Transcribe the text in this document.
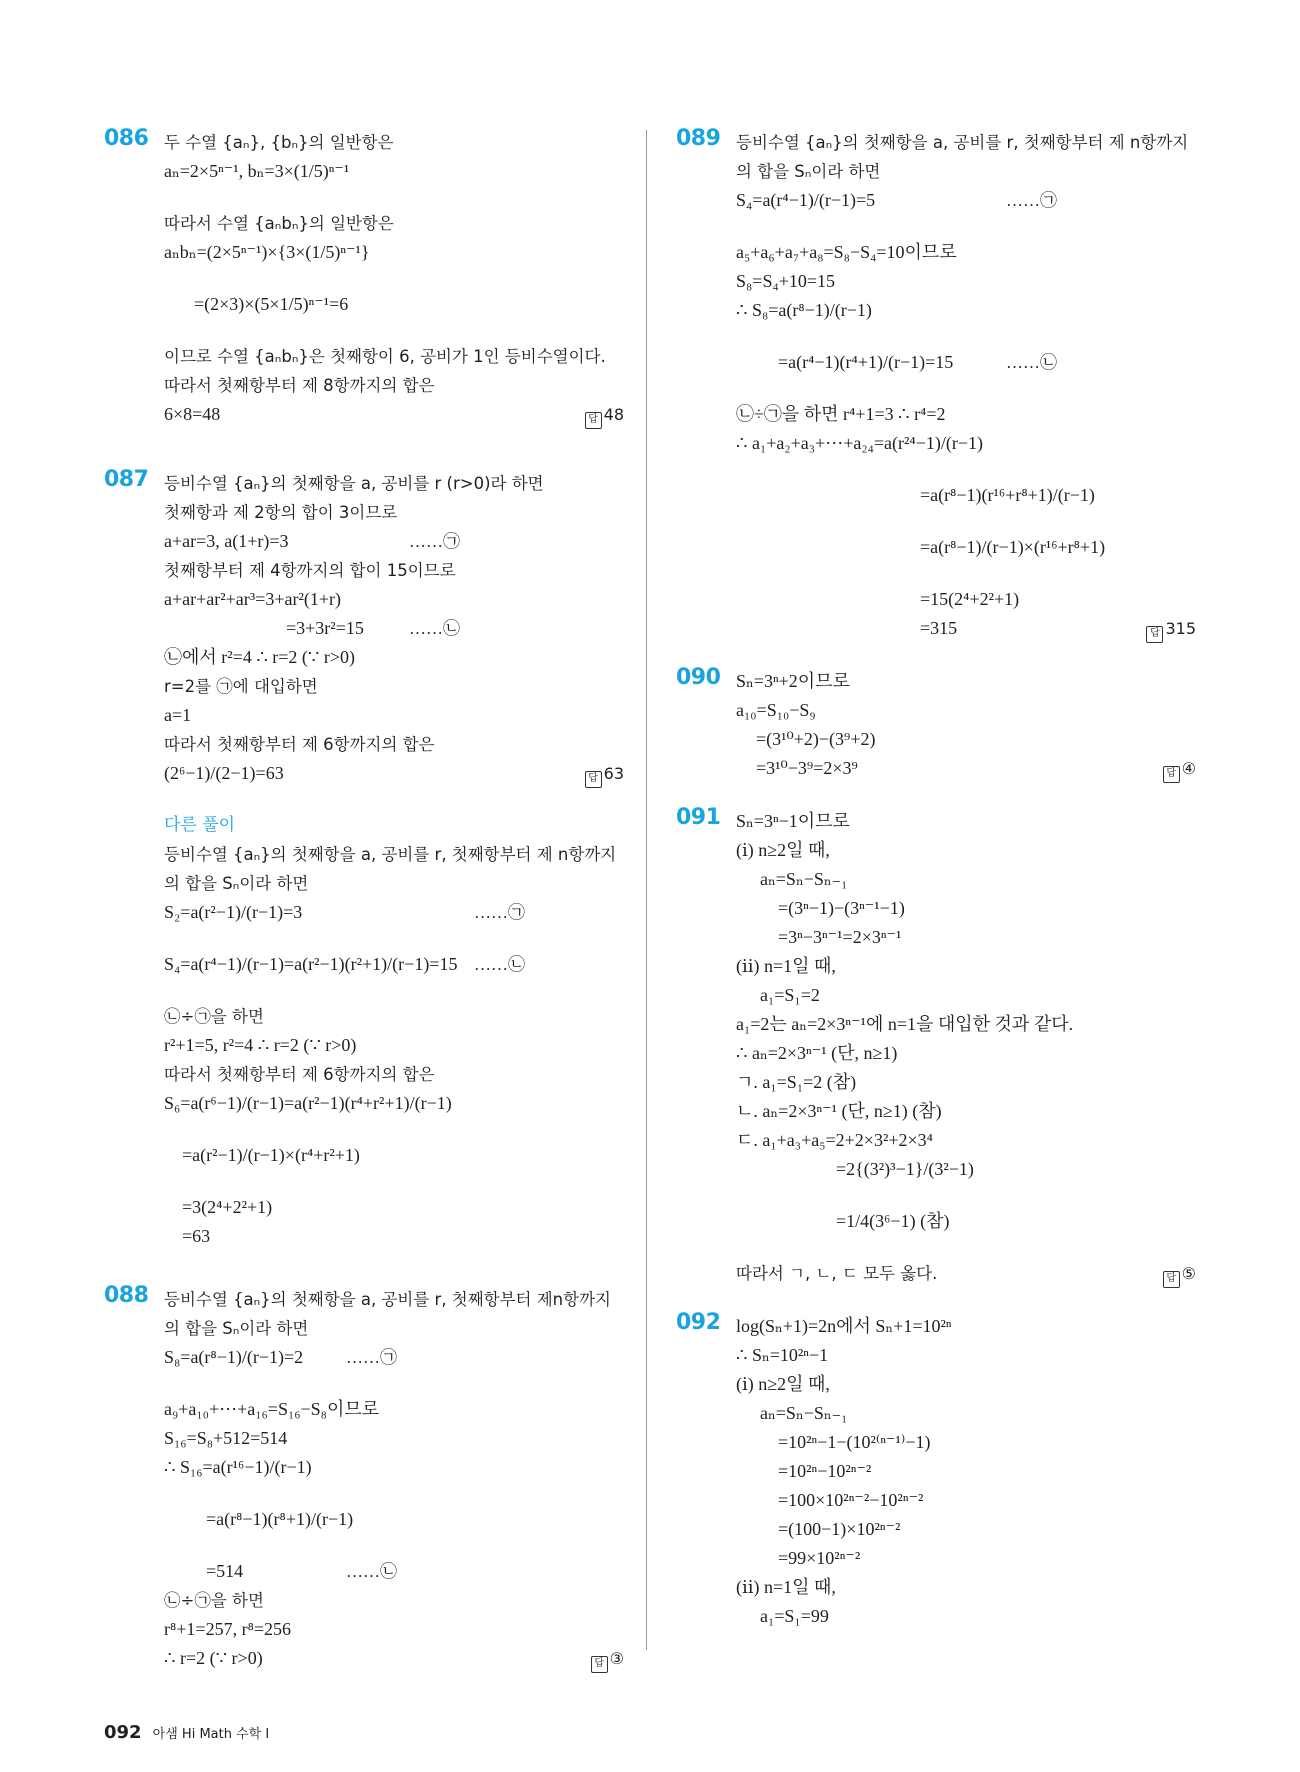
086 두 수열 {aₙ}, {bₙ}의 일반항은
aₙ=2×5ⁿ⁻¹, bₙ=3×(1/5)ⁿ⁻¹
따라서 수열 {aₙbₙ}의 일반항은
aₙbₙ=(2×5ⁿ⁻¹)×{3×(1/5)ⁿ⁻¹}
=(2×3)×(5×1/5)ⁿ⁻¹=6
이므로 수열 {aₙbₙ}은 첫째항이 6, 공비가 1인 등비수열이다.
따라서 첫째항부터 제 8항까지의 합은
6×8=48	답 48
087 등비수열 {aₙ}의 첫째항을 a, 공비를 r (r>0)라 하면
첫째항과 제 2항의 합이 3이므로
a+ar=3, a(1+r)=3	……㉠
첫째항부터 제 4항까지의 합이 15이므로
a+ar+ar²+ar³=3+ar²(1+r)
=3+3r²=15	……㉡
㉡에서 r²=4 ∴ r=2 (∵ r>0)
r=2를 ㉠에 대입하면
a=1
따라서 첫째항부터 제 6항까지의 합은
(2⁶−1)/(2−1)=63	답 63
다른 풀이
등비수열 {aₙ}의 첫째항을 a, 공비를 r, 첫째항부터 제 n항까지
의 합을 Sₙ이라 하면
S₂=a(r²−1)/(r−1)=3	……㉠
S₄=a(r⁴−1)/(r−1)=a(r²−1)(r²+1)/(r−1)=15 ……㉡
㉡÷㉠을 하면
r²+1=5, r²=4 ∴ r=2 (∵ r>0)
따라서 첫째항부터 제 6항까지의 합은
S₆=a(r⁶−1)/(r−1)=a(r²−1)(r⁴+r²+1)/(r−1)
=a(r²−1)/(r−1)×(r⁴+r²+1)
=3(2⁴+2²+1)
=63
088 등비수열 {aₙ}의 첫째항을 a, 공비를 r, 첫째항부터 제n항까지
의 합을 Sₙ이라 하면
S₈=a(r⁸−1)/(r−1)=2	……㉠
a₉+a₁₀+⋯+a₁₆=S₁₆−S₈이므로
S₁₆=S₈+512=514
∴ S₁₆=a(r¹⁶−1)/(r−1)
=a(r⁸−1)(r⁸+1)/(r−1)
=514	……㉡
㉡÷㉠을 하면
r⁸+1=257, r⁸=256
∴ r=2 (∵ r>0)	답 ③
089 등비수열 {aₙ}의 첫째항을 a, 공비를 r, 첫째항부터 제 n항까지
의 합을 Sₙ이라 하면
S₄=a(r⁴−1)/(r−1)=5	……㉠
a₅+a₆+a₇+a₈=S₈−S₄=10이므로
S₈=S₄+10=15
∴ S₈=a(r⁸−1)/(r−1)
=a(r⁴−1)(r⁴+1)/(r−1)=15	……㉡
㉡÷㉠을 하면 r⁴+1=3 ∴ r⁴=2
∴ a₁+a₂+a₃+⋯+a₂₄=a(r²⁴−1)/(r−1)
=a(r⁸−1)(r¹⁶+r⁸+1)/(r−1)
=a(r⁸−1)/(r−1)×(r¹⁶+r⁸+1)
=15(2⁴+2²+1)
=315	답 315
090 Sₙ=3ⁿ+2이므로
a₁₀=S₁₀−S₉
=(3¹⁰+2)−(3⁹+2)
=3¹⁰−3⁹=2×3⁹	답 ④
091 Sₙ=3ⁿ−1이므로
(ⅰ) n≥2일 때,
aₙ=Sₙ−Sₙ₋₁
=(3ⁿ−1)−(3ⁿ⁻¹−1)
=3ⁿ−3ⁿ⁻¹=2×3ⁿ⁻¹
(ⅱ) n=1일 때,
a₁=S₁=2
a₁=2는 aₙ=2×3ⁿ⁻¹에 n=1을 대입한 것과 같다.
∴ aₙ=2×3ⁿ⁻¹ (단, n≥1)
ㄱ. a₁=S₁=2 (참)
ㄴ. aₙ=2×3ⁿ⁻¹ (단, n≥1) (참)
ㄷ. a₁+a₃+a₅=2+2×3²+2×3⁴
=2{(3²)³−1}/(3²−1)
=1/4(3⁶−1) (참)
따라서 ㄱ, ㄴ, ㄷ 모두 옳다.	답 ⑤
092 log(Sₙ+1)=2n에서 Sₙ+1=10²ⁿ
∴ Sₙ=10²ⁿ−1
(ⅰ) n≥2일 때,
aₙ=Sₙ−Sₙ₋₁
=10²ⁿ−1−(10²⁽ⁿ⁻¹⁾−1)
=10²ⁿ−10²ⁿ⁻²
=100×10²ⁿ⁻²−10²ⁿ⁻²
=(100−1)×10²ⁿ⁻²
=99×10²ⁿ⁻²
(ⅱ) n=1일 때,
a₁=S₁=99
092 아샘 Hi Math 수학 Ⅰ
